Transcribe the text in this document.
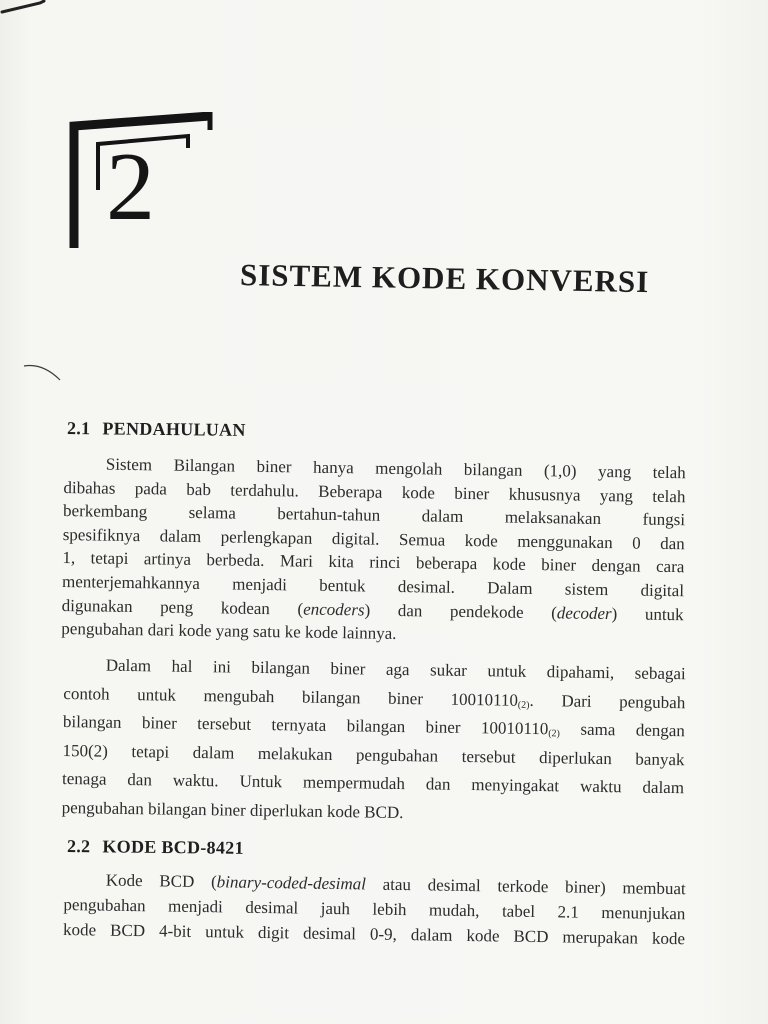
2
SISTEM KODE KONVERSI
2.1 PENDAHULUAN
Sistem Bilangan biner hanya mengolah bilangan (1,0) yang telah
dibahas pada bab terdahulu. Beberapa kode biner khususnya yang telah
berkembang selama bertahun-tahun dalam melaksanakan fungsi
spesifiknya dalam perlengkapan digital. Semua kode menggunakan 0 dan
1, tetapi artinya berbeda. Mari kita rinci beberapa kode biner dengan cara
menterjemahkannya menjadi bentuk desimal. Dalam sistem digital
digunakan peng kodean (encoders) dan pendekode (decoder) untuk
pengubahan dari kode yang satu ke kode lainnya.
Dalam hal ini bilangan biner aga sukar untuk dipahami, sebagai
contoh untuk mengubah bilangan biner $10010110_{(2)}$. Dari pengubah
bilangan biner tersebut ternyata bilangan biner $10010110_{(2)}$ sama dengan
150(2) tetapi dalam melakukan pengubahan tersebut diperlukan banyak
tenaga dan waktu. Untuk mempermudah dan menyingakat waktu dalam
pengubahan bilangan biner diperlukan kode BCD.
2.2 KODE BCD-8421
Kode BCD (binary-coded-desimal atau desimal terkode biner) membuat
pengubahan menjadi desimal jauh lebih mudah, tabel 2.1 menunjukan
kode BCD 4-bit untuk digit desimal 0-9, dalam kode BCD merupakan kode
